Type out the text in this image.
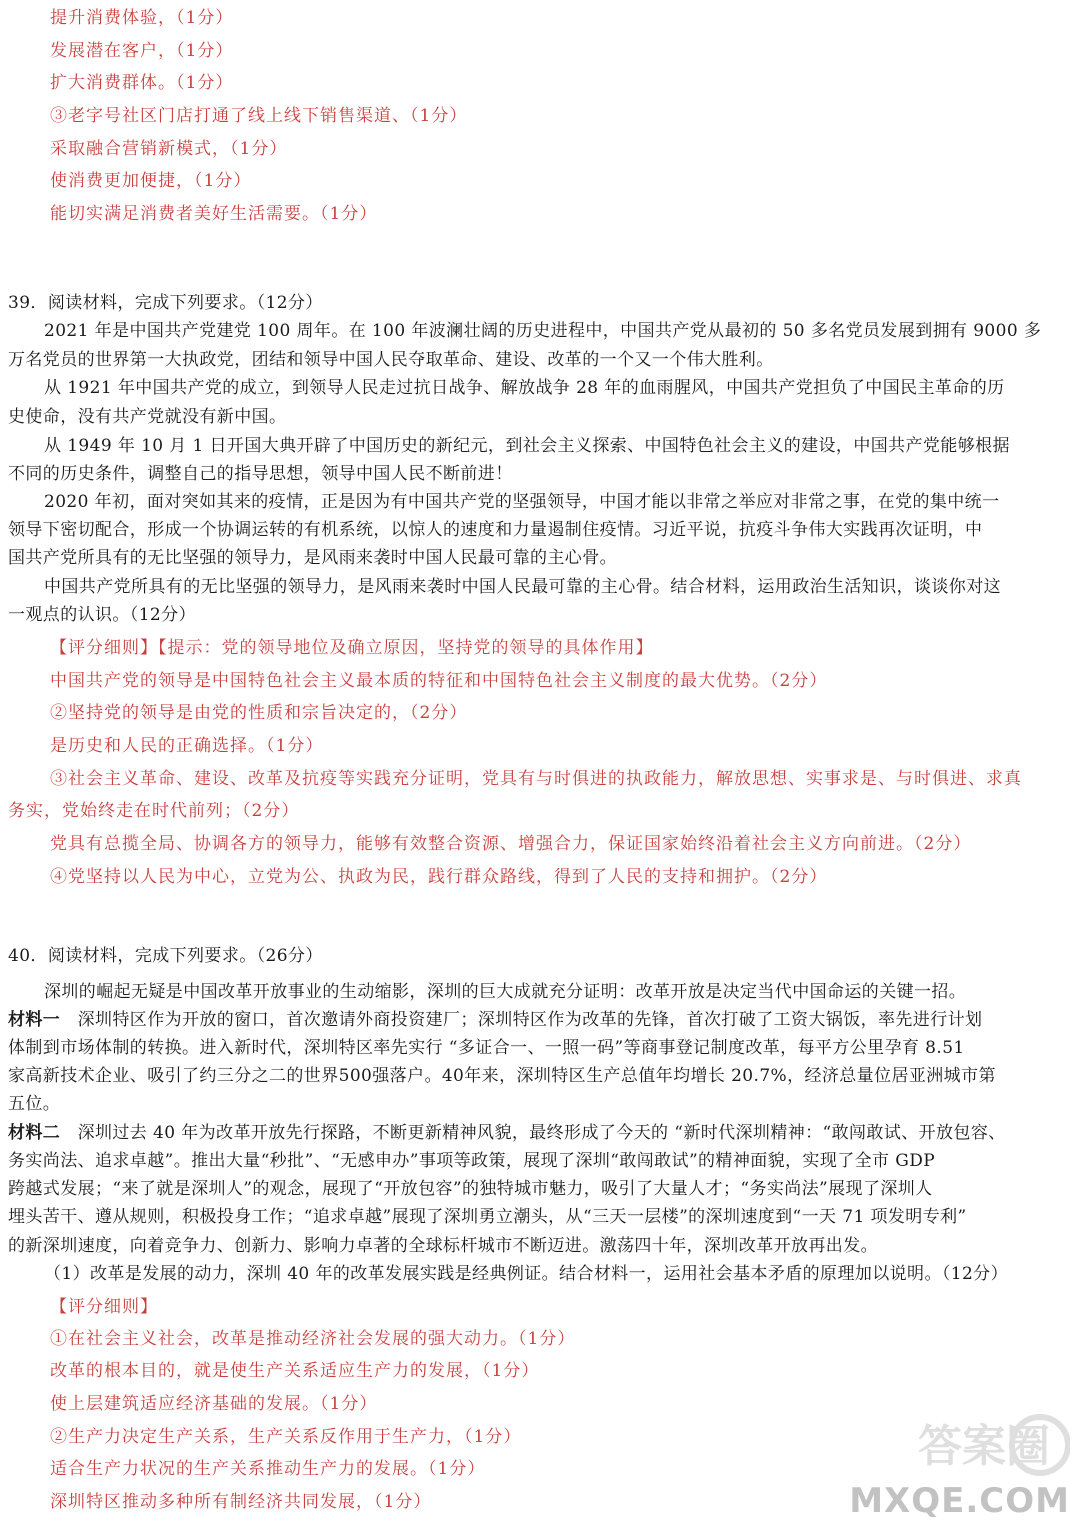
提升消费体验，（1分）
发展潜在客户，（1分）
扩大消费群体。（1分）
③老字号社区门店打通了线上线下销售渠道、（1分）
采取融合营销新模式，（1分）
使消费更加便捷，（1分）
能切实满足消费者美好生活需要。（1分）
39．阅读材料，完成下列要求。（12分）
2021 年是中国共产党建党 100 周年。在 100 年波澜壮阔的历史进程中，中国共产党从最初的 50 多名党员发展到拥有 9000 多
万名党员的世界第一大执政党，团结和领导中国人民夺取革命、建设、改革的一个又一个伟大胜利。
从 1921 年中国共产党的成立，到领导人民走过抗日战争、解放战争 28 年的血雨腥风，中国共产党担负了中国民主革命的历
史使命，没有共产党就没有新中国。
从 1949 年 10 月 1 日开国大典开辟了中国历史的新纪元，到社会主义探索、中国特色社会主义的建设，中国共产党能够根据
不同的历史条件，调整自己的指导思想，领导中国人民不断前进！
2020 年初，面对突如其来的疫情，正是因为有中国共产党的坚强领导，中国才能以非常之举应对非常之事，在党的集中统一
领导下密切配合，形成一个协调运转的有机系统，以惊人的速度和力量遏制住疫情。习近平说，抗疫斗争伟大实践再次证明，中
国共产党所具有的无比坚强的领导力，是风雨来袭时中国人民最可靠的主心骨。
中国共产党所具有的无比坚强的领导力，是风雨来袭时中国人民最可靠的主心骨。结合材料，运用政治生活知识，谈谈你对这
一观点的认识。（12分）
【评分细则】【提示：党的领导地位及确立原因，坚持党的领导的具体作用】
中国共产党的领导是中国特色社会主义最本质的特征和中国特色社会主义制度的最大优势。（2分）
②坚持党的领导是由党的性质和宗旨决定的，（2分）
是历史和人民的正确选择。（1分）
③社会主义革命、建设、改革及抗疫等实践充分证明，党具有与时俱进的执政能力，解放思想、实事求是、与时俱进、求真
务实，党始终走在时代前列；（2分）
党具有总揽全局、协调各方的领导力，能够有效整合资源、增强合力，保证国家始终沿着社会主义方向前进。（2分）
④党坚持以人民为中心，立党为公、执政为民，践行群众路线，得到了人民的支持和拥护。（2分）
40．阅读材料，完成下列要求。（26分）
深圳的崛起无疑是中国改革开放事业的生动缩影，深圳的巨大成就充分证明：改革开放是决定当代中国命运的关键一招。
材料一　深圳特区作为开放的窗口，首次邀请外商投资建厂；深圳特区作为改革的先锋，首次打破了工资大锅饭，率先进行计划
体制到市场体制的转换。进入新时代，深圳特区率先实行 “多证合一、一照一码”等商事登记制度改革，每平方公里孕育 8.51
家高新技术企业、吸引了约三分之二的世界500强落户。40年来，深圳特区生产总值年均增长 20.7%，经济总量位居亚洲城市第
五位。
材料二　深圳过去 40 年为改革开放先行探路，不断更新精神风貌，最终形成了今天的 “新时代深圳精神：“敢闯敢试、开放包容、
务实尚法、追求卓越”。推出大量“秒批”、“无感申办”事项等政策，展现了深圳“敢闯敢试”的精神面貌，实现了全市 GDP
跨越式发展；“来了就是深圳人”的观念，展现了“开放包容”的独特城市魅力，吸引了大量人才；“务实尚法”展现了深圳人
埋头苦干、遵从规则，积极投身工作；“追求卓越”展现了深圳勇立潮头，从“三天一层楼”的深圳速度到“一天 71 项发明专利”
的新深圳速度，向着竞争力、创新力、影响力卓著的全球标杆城市不断迈进。激荡四十年，深圳改革开放再出发。
（1）改革是发展的动力，深圳 40 年的改革发展实践是经典例证。结合材料一，运用社会基本矛盾的原理加以说明。（12分）
【评分细则】
①在社会主义社会，改革是推动经济社会发展的强大动力。（1分）
改革的根本目的，就是使生产关系适应生产力的发展，（1分）
使上层建筑适应经济基础的发展。（1分）
②生产力决定生产关系，生产关系反作用于生产力，（1分）
适合生产力状况的生产关系推动生产力的发展。（1分）
深圳特区推动多种所有制经济共同发展，（1分）
答案圈
MXQE.COM
